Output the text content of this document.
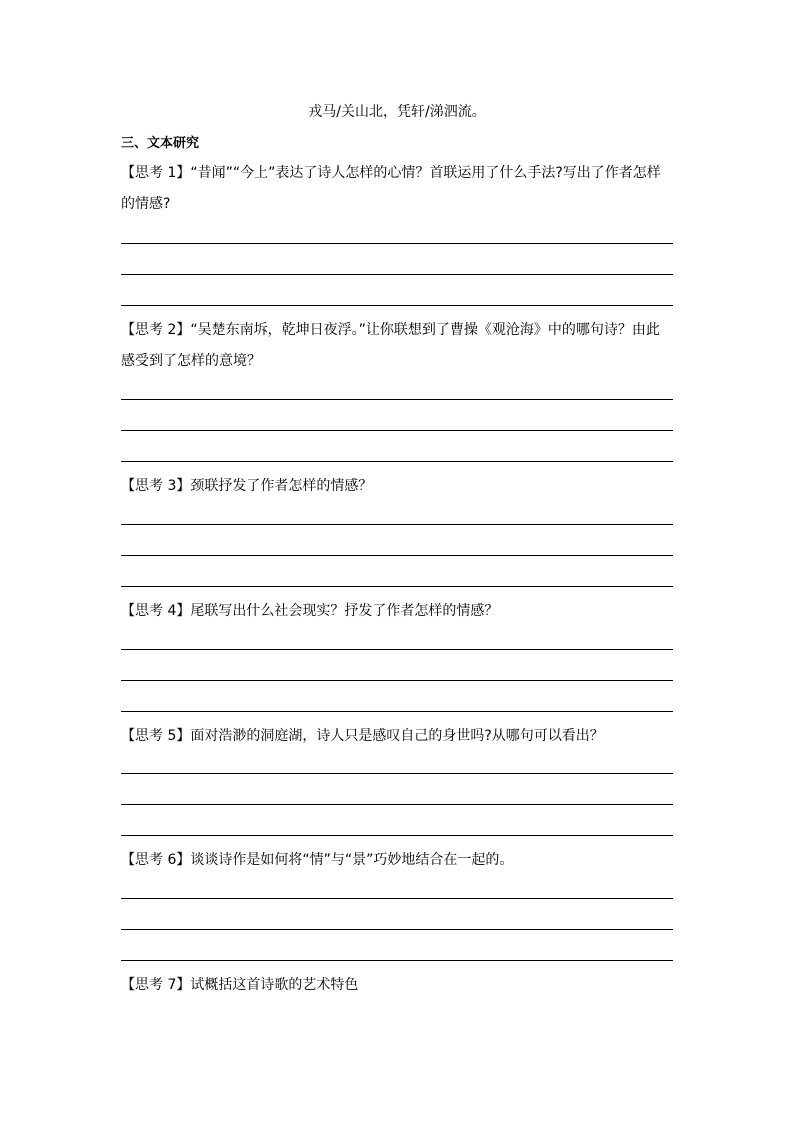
戎马/关山北，凭轩/涕泗流。
三、文本研究
【思考 1】“昔闻”“今上”表达了诗人怎样的心情？首联运用了什么手法?写出了作者怎样的情感?
【思考 2】“吴楚东南坼，乾坤日夜浮。”让你联想到了曹操《观沧海》中的哪句诗？由此感受到了怎样的意境？
【思考 3】颈联抒发了作者怎样的情感？
【思考 4】尾联写出什么社会现实？抒发了作者怎样的情感？
【思考 5】面对浩渺的洞庭湖，诗人只是感叹自己的身世吗?从哪句可以看出？
【思考 6】谈谈诗作是如何将“情”与“景”巧妙地结合在一起的。
【思考 7】试概括这首诗歌的艺术特色
